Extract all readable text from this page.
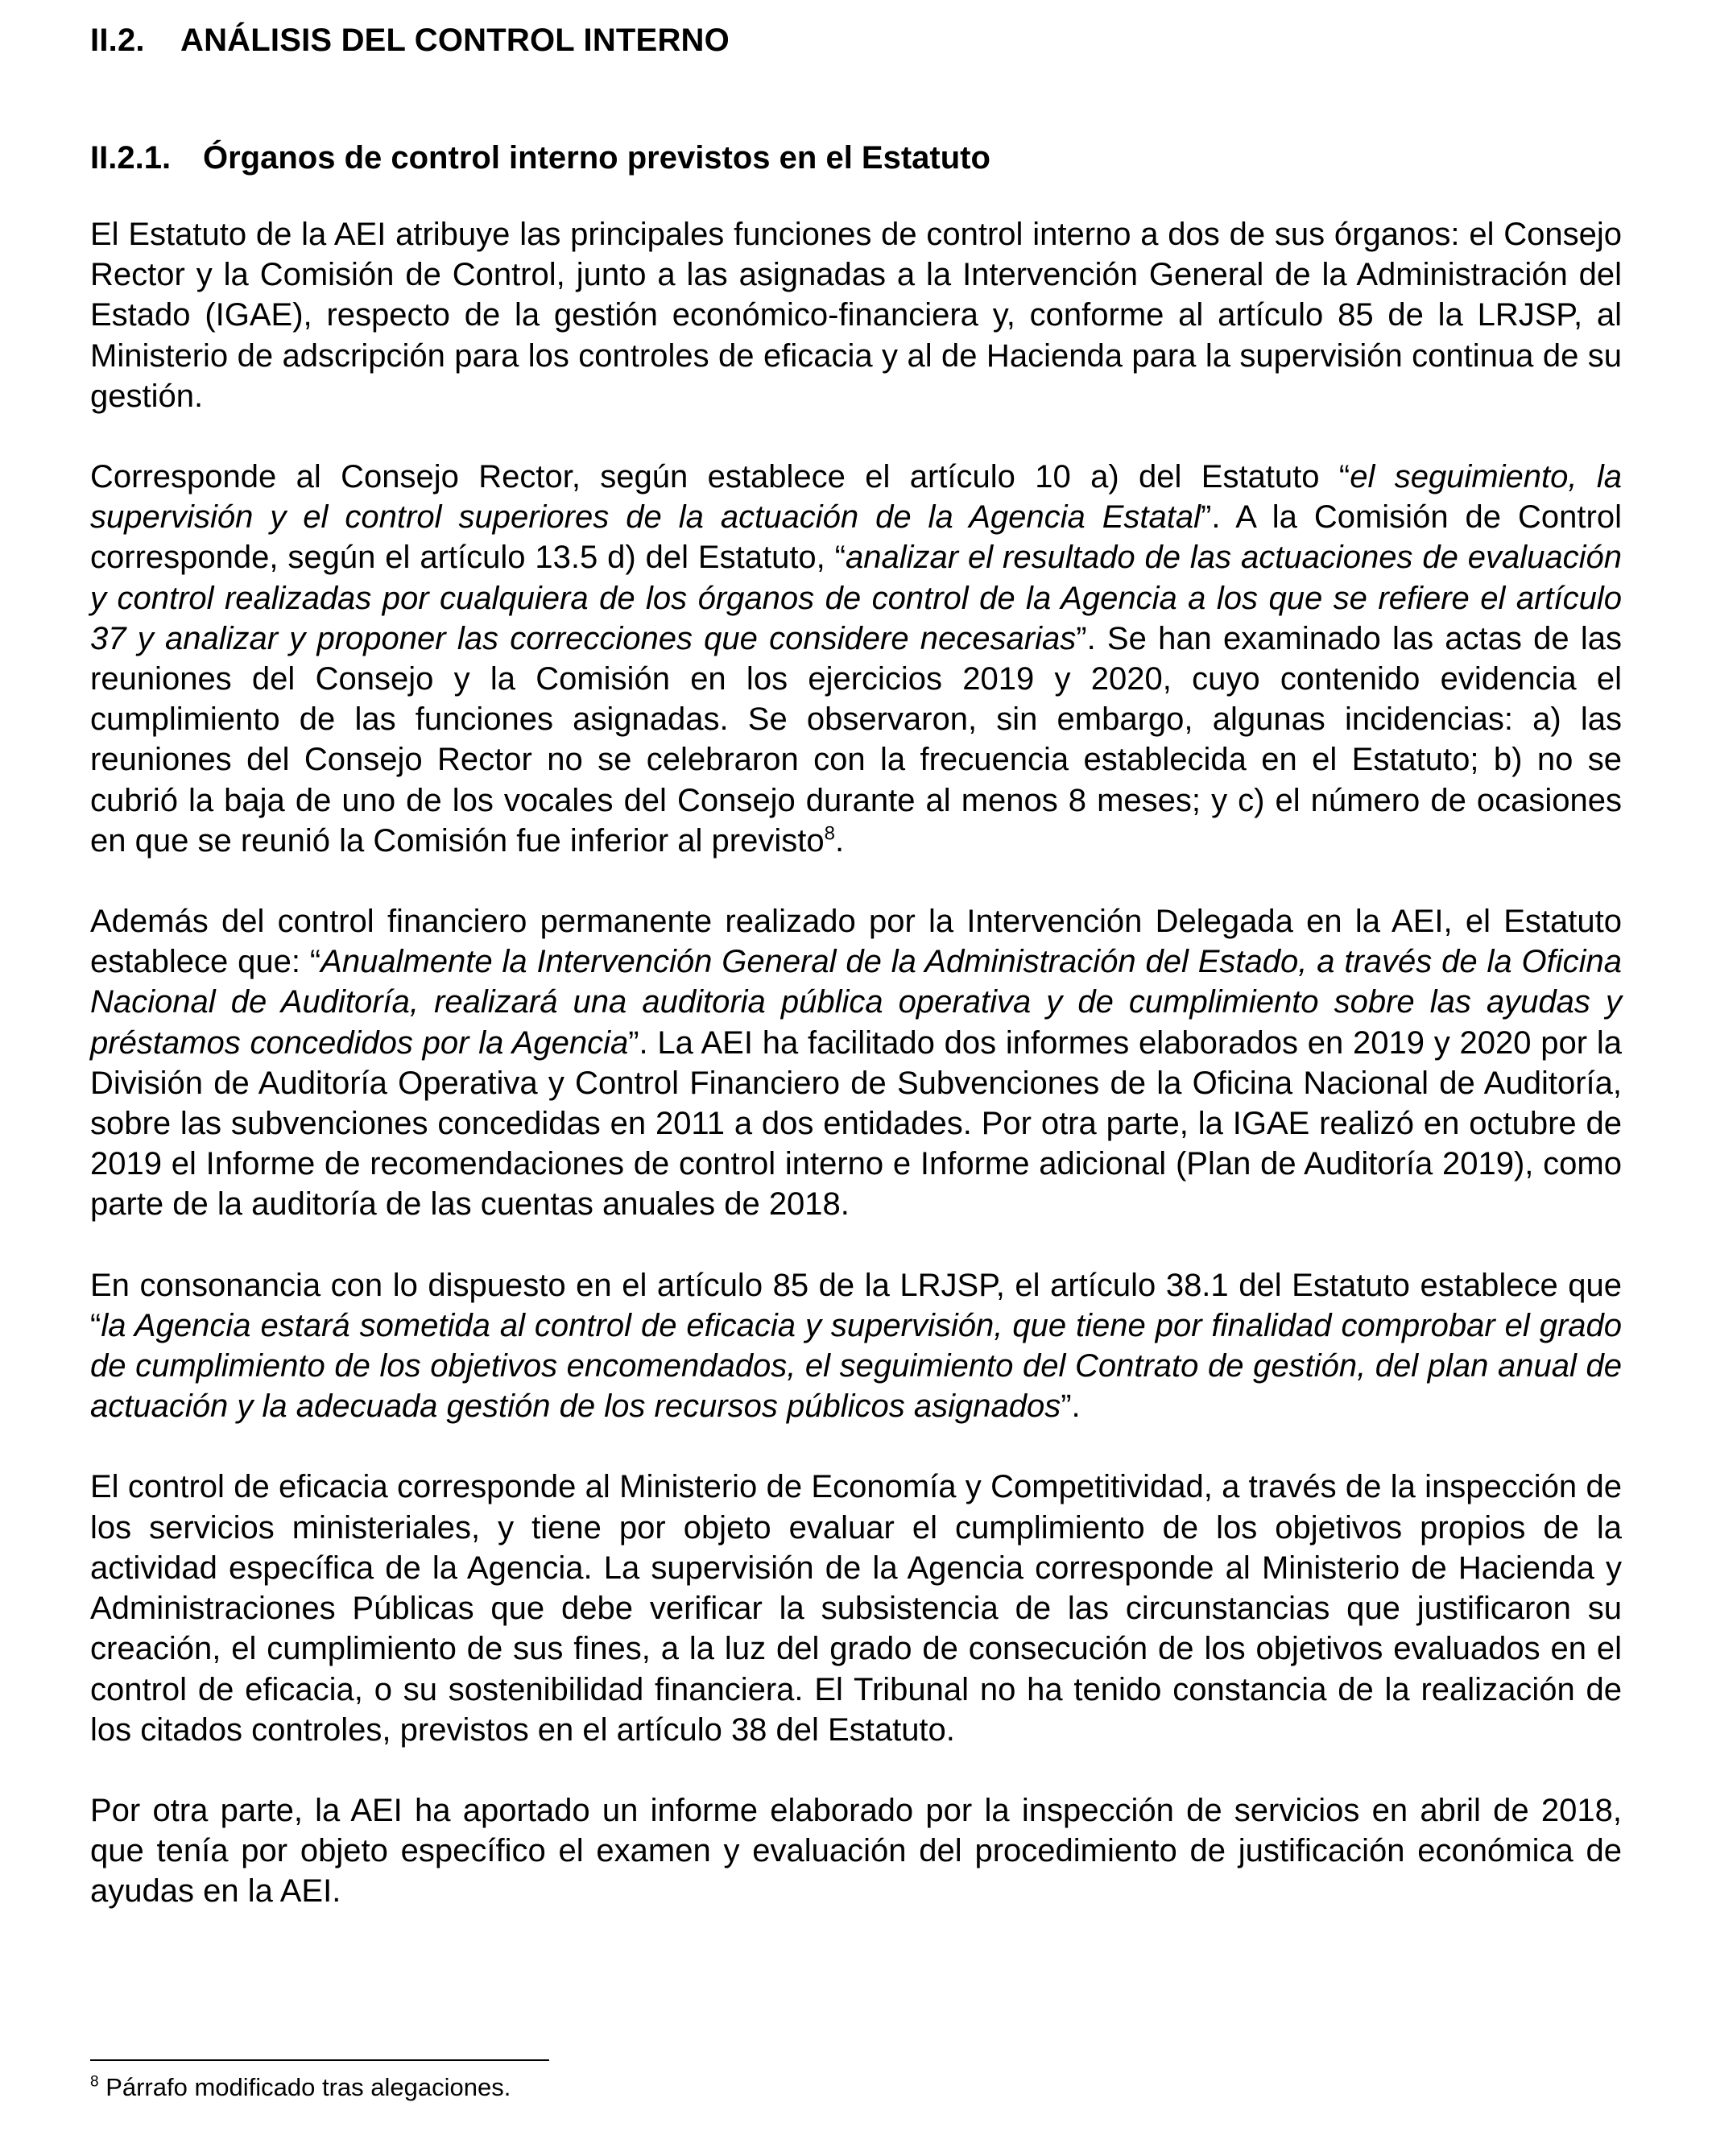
II.2. ANÁLISIS DEL CONTROL INTERNO
II.2.1. Órganos de control interno previstos en el Estatuto

El Estatuto de la AEI atribuye las principales funciones de control interno a dos de sus órganos: el Consejo Rector y la Comisión de Control, junto a las asignadas a la Intervención General de la Administración del Estado (IGAE), respecto de la gestión económico-financiera y, conforme al artículo 85 de la LRJSP, al Ministerio de adscripción para los controles de eficacia y al de Hacienda para la supervisión continua de su gestión.

Corresponde al Consejo Rector, según establece el artículo 10 a) del Estatuto “el seguimiento, la supervisión y el control superiores de la actuación de la Agencia Estatal”. A la Comisión de Control corresponde, según el artículo 13.5 d) del Estatuto, “analizar el resultado de las actuaciones de evaluación y control realizadas por cualquiera de los órganos de control de la Agencia a los que se refiere el artículo 37 y analizar y proponer las correcciones que considere necesarias”. Se han examinado las actas de las reuniones del Consejo y la Comisión en los ejercicios 2019 y 2020, cuyo contenido evidencia el cumplimiento de las funciones asignadas. Se observaron, sin embargo, algunas incidencias: a) las reuniones del Consejo Rector no se celebraron con la frecuencia establecida en el Estatuto; b) no se cubrió la baja de uno de los vocales del Consejo durante al menos 8 meses; y c) el número de ocasiones en que se reunió la Comisión fue inferior al previsto$^8$.

Además del control financiero permanente realizado por la Intervención Delegada en la AEI, el Estatuto establece que: “Anualmente la Intervención General de la Administración del Estado, a través de la Oficina Nacional de Auditoría, realizará una auditoria pública operativa y de cumplimiento sobre las ayudas y préstamos concedidos por la Agencia”. La AEI ha facilitado dos informes elaborados en 2019 y 2020 por la División de Auditoría Operativa y Control Financiero de Subvenciones de la Oficina Nacional de Auditoría, sobre las subvenciones concedidas en 2011 a dos entidades. Por otra parte, la IGAE realizó en octubre de 2019 el Informe de recomendaciones de control interno e Informe adicional (Plan de Auditoría 2019), como parte de la auditoría de las cuentas anuales de 2018.

En consonancia con lo dispuesto en el artículo 85 de la LRJSP, el artículo 38.1 del Estatuto establece que “la Agencia estará sometida al control de eficacia y supervisión, que tiene por finalidad comprobar el grado de cumplimiento de los objetivos encomendados, el seguimiento del Contrato de gestión, del plan anual de actuación y la adecuada gestión de los recursos públicos asignados”.

El control de eficacia corresponde al Ministerio de Economía y Competitividad, a través de la inspección de los servicios ministeriales, y tiene por objeto evaluar el cumplimiento de los objetivos propios de la actividad específica de la Agencia. La supervisión de la Agencia corresponde al Ministerio de Hacienda y Administraciones Públicas que debe verificar la subsistencia de las circunstancias que justificaron su creación, el cumplimiento de sus fines, a la luz del grado de consecución de los objetivos evaluados en el control de eficacia, o su sostenibilidad financiera. El Tribunal no ha tenido constancia de la realización de los citados controles, previstos en el artículo 38 del Estatuto.

Por otra parte, la AEI ha aportado un informe elaborado por la inspección de servicios en abril de 2018, que tenía por objeto específico el examen y evaluación del procedimiento de justificación económica de ayudas en la AEI.

$^8$ Párrafo modificado tras alegaciones.
